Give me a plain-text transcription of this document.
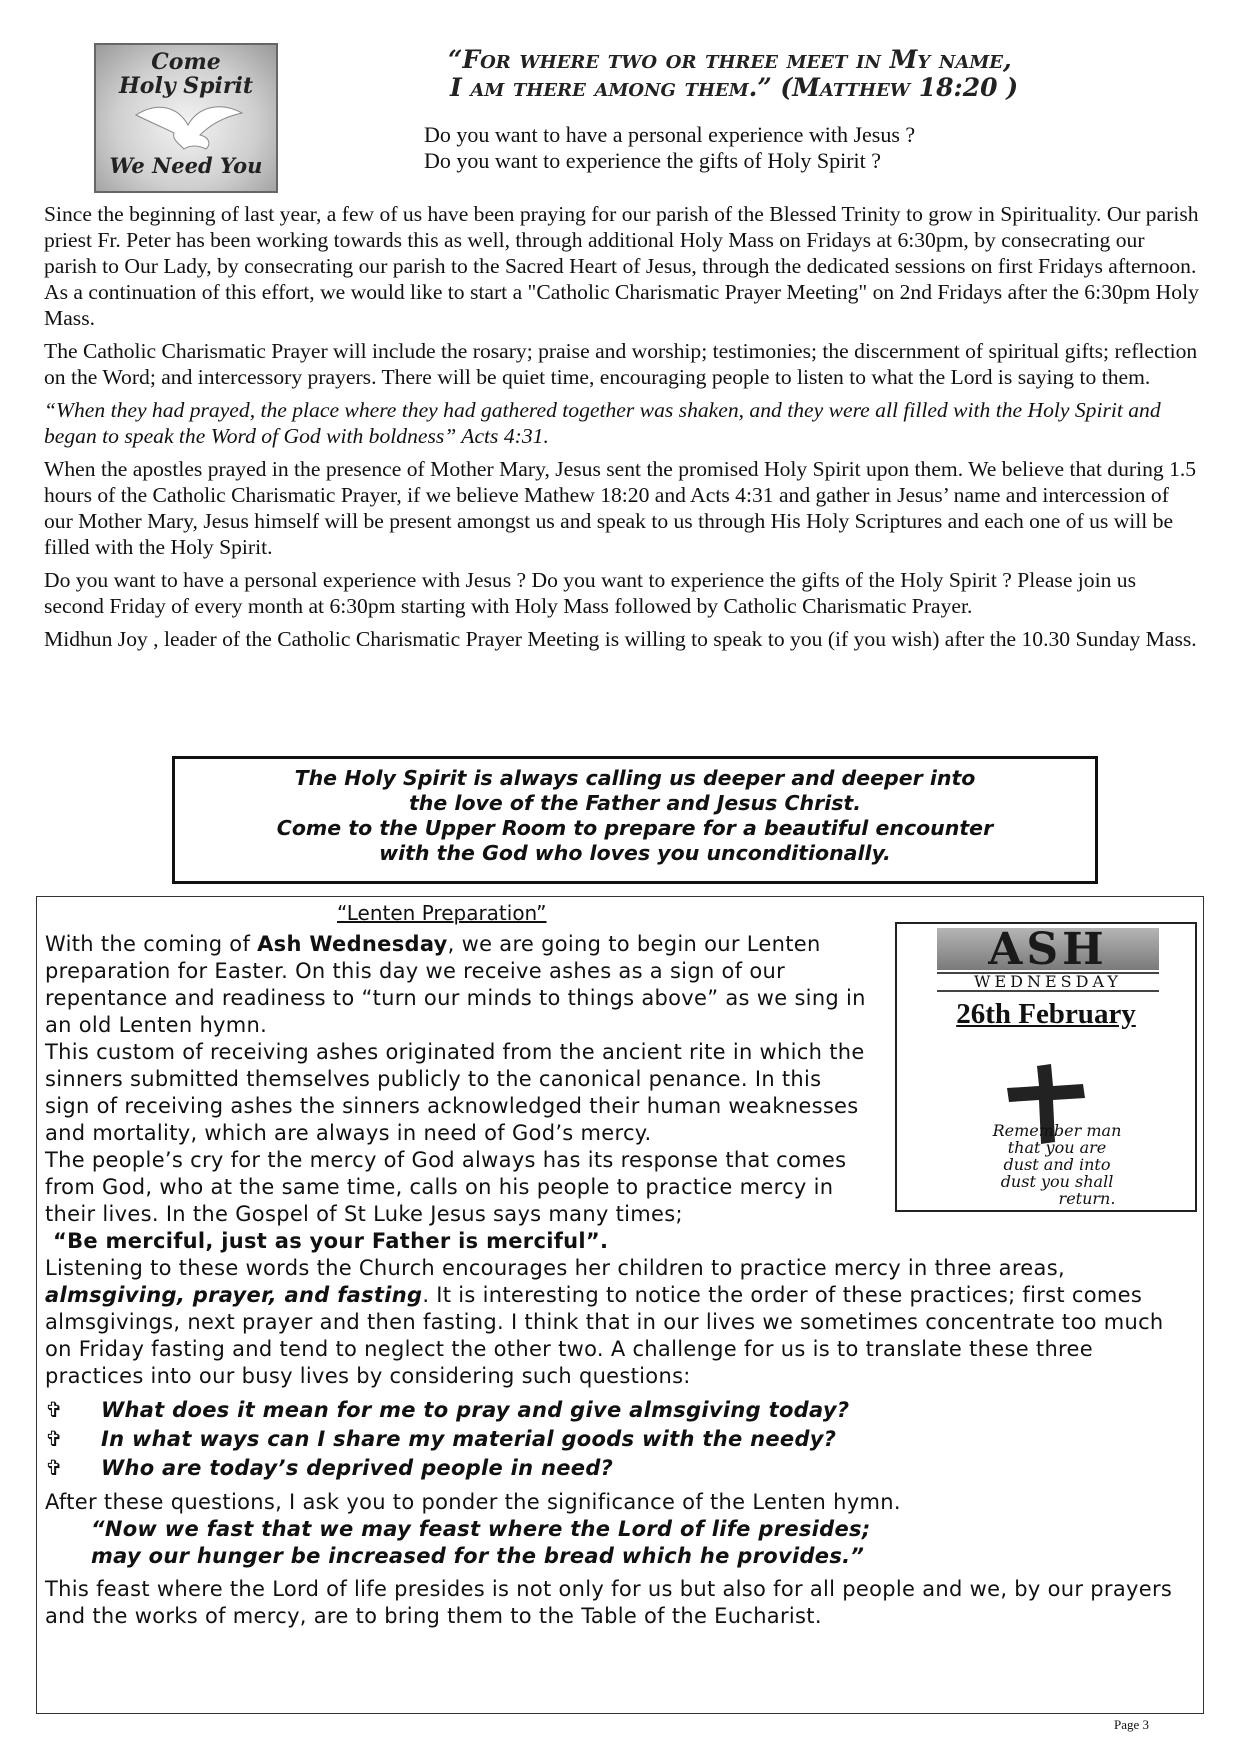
Come
Holy Spirit
We Need You
“For where two or three meet in My name,
I am there among them.” (Matthew 18:20 )
Do you want to have a personal experience with Jesus ?
Do you want to experience the gifts of Holy Spirit ?

Since the beginning of last year, a few of us have been praying for our parish of the Blessed Trinity to grow in Spirituality. Our parish priest Fr. Peter has been working towards this as well, through additional Holy Mass on Fridays at 6:30pm, by consecrating our parish to Our Lady, by consecrating our parish to the Sacred Heart of Jesus, through the dedicated sessions on first Fridays afternoon. As a continuation of this effort, we would like to start a "Catholic Charismatic Prayer Meeting" on 2nd Fridays after the 6:30pm Holy Mass.

The Catholic Charismatic Prayer will include the rosary; praise and worship; testimonies; the discernment of spiritual gifts; reflection on the Word; and intercessory prayers. There will be quiet time, encouraging people to listen to what the Lord is saying to them.

“When they had prayed, the place where they had gathered together was shaken, and they were all filled with the Holy Spirit and began to speak the Word of God with boldness” Acts 4:31.

When the apostles prayed in the presence of Mother Mary, Jesus sent the promised Holy Spirit upon them. We believe that during 1.5 hours of the Catholic Charismatic Prayer, if we believe Mathew 18:20 and Acts 4:31 and gather in Jesus’ name and intercession of our Mother Mary, Jesus himself will be present amongst us and speak to us through His Holy Scriptures and each one of us will be filled with the Holy Spirit.

Do you want to have a personal experience with Jesus ? Do you want to experience the gifts of the Holy Spirit ? Please join us second Friday of every month at 6:30pm starting with Holy Mass followed by Catholic Charismatic Prayer.

Midhun Joy , leader of the Catholic Charismatic Prayer Meeting is willing to speak to you (if you wish) after the 10.30 Sunday Mass.

The Holy Spirit is always calling us deeper and deeper into
the love of the Father and Jesus Christ.
Come to the Upper Room to prepare for a beautiful encounter
with the God who loves you unconditionally.
“Lenten Preparation”

With the coming of Ash Wednesday, we are going to begin our Lenten preparation for Easter. On this day we receive ashes as a sign of our repentance and readiness to “turn our minds to things above” as we sing in an old Lenten hymn.

This custom of receiving ashes originated from the ancient rite in which the sinners submitted themselves publicly to the canonical penance. In this sign of receiving ashes the sinners acknowledged their human weaknesses and mortality, which are always in need of God’s mercy.

The people’s cry for the mercy of God always has its response that comes from God, who at the same time, calls on his people to practice mercy in their lives. In the Gospel of St Luke Jesus says many times;

“Be merciful, just as your Father is merciful”.

Listening to these words the Church encourages her children to practice mercy in three areas, almsgiving, prayer, and fasting. It is interesting to notice the order of these practices; first comes almsgivings, next prayer and then fasting. I think that in our lives we sometimes concentrate too much on Friday fasting and tend to neglect the other two. A challenge for us is to translate these three practices into our busy lives by considering such questions:

✞ What does it mean for me to pray and give almsgiving today?
✞ In what ways can I share my material goods with the needy?
✞ Who are today’s deprived people in need?

After these questions, I ask you to ponder the significance of the Lenten hymn.

“Now we fast that we may feast where the Lord of life presides;

may our hunger be increased for the bread which he provides.”

This feast where the Lord of life presides is not only for us but also for all people and we, by our prayers and the works of mercy, are to bring them to the Table of the Eucharist.

ASH
WEDNESDAY
26th February
Remember man
that you are
dust and into
dust you shall
return.
Page 3
